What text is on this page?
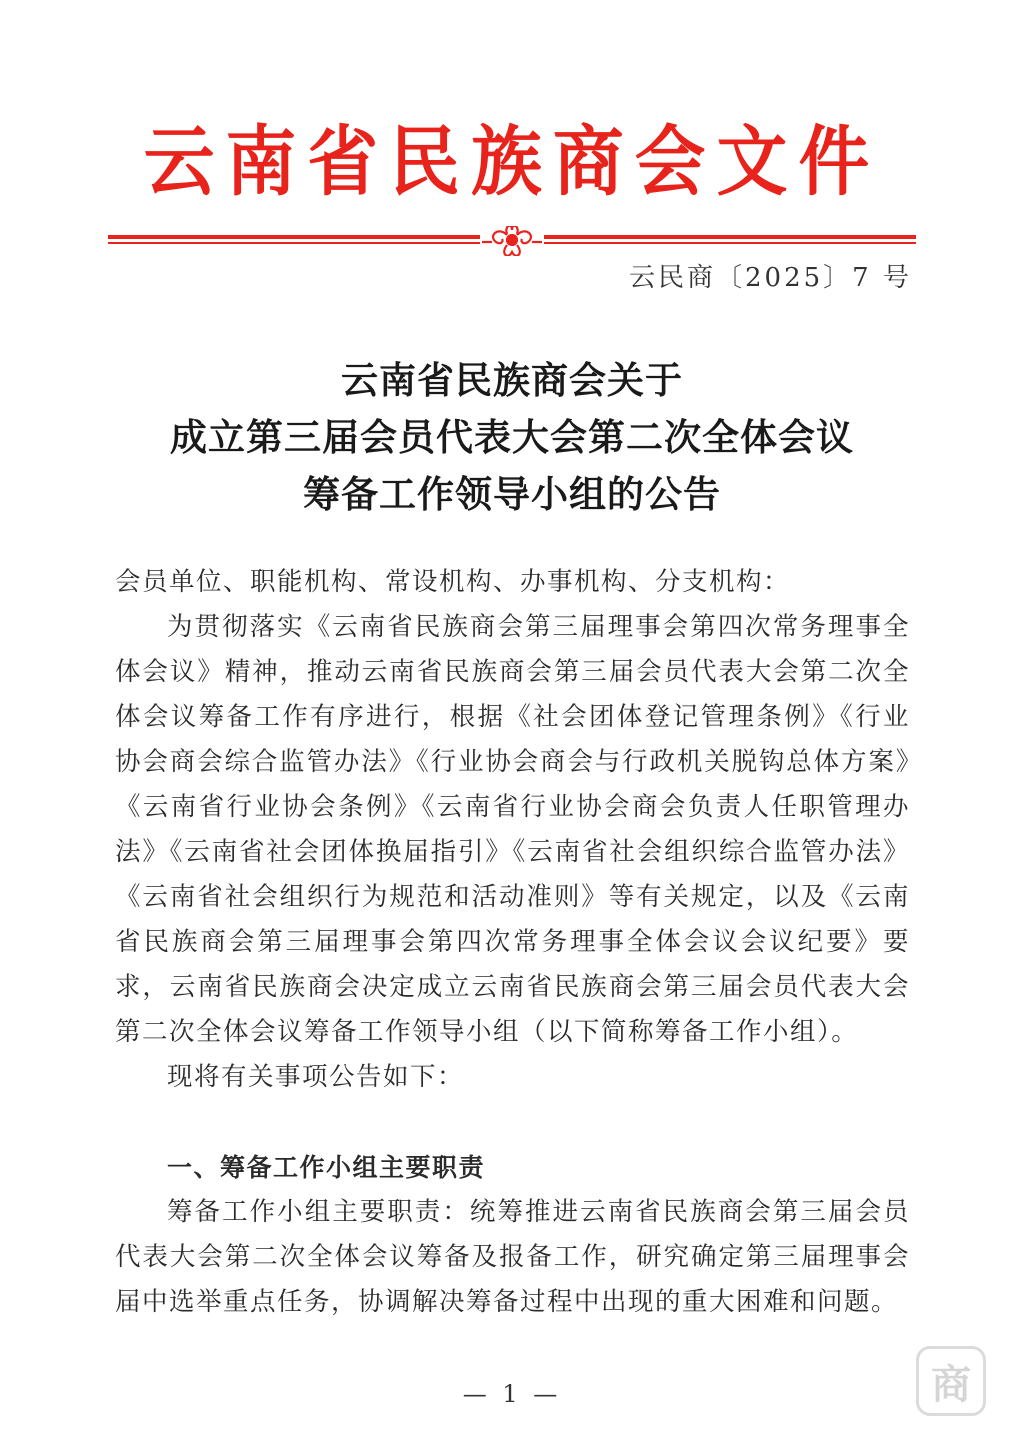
云南省民族商会文件
云民商〔2025〕7 号
云南省民族商会关于
成立第三届会员代表大会第二次全体会议
筹备工作领导小组的公告

会员单位、职能机构、常设机构、办事机构、分支机构：

为贯彻落实《云南省民族商会第三届理事会第四次常务理事全体会议》精神，推动云南省民族商会第三届会员代表大会第二次全体会议筹备工作有序进行，根据《社会团体登记管理条例》《行业协会商会综合监管办法》《行业协会商会与行政机关脱钩总体方案》《云南省行业协会条例》《云南省行业协会商会负责人任职管理办法》《云南省社会团体换届指引》《云南省社会组织综合监管办法》《云南省社会组织行为规范和活动准则》等有关规定，以及《云南省民族商会第三届理事会第四次常务理事全体会议会议纪要》要求，云南省民族商会决定成立云南省民族商会第三届会员代表大会第二次全体会议筹备工作领导小组（以下简称筹备工作小组）。

现将有关事项公告如下：

一、筹备工作小组主要职责

筹备工作小组主要职责：统筹推进云南省民族商会第三届会员代表大会第二次全体会议筹备及报备工作，研究确定第三届理事会届中选举重点任务，协调解决筹备过程中出现的重大困难和问题。

— 1 —	商
